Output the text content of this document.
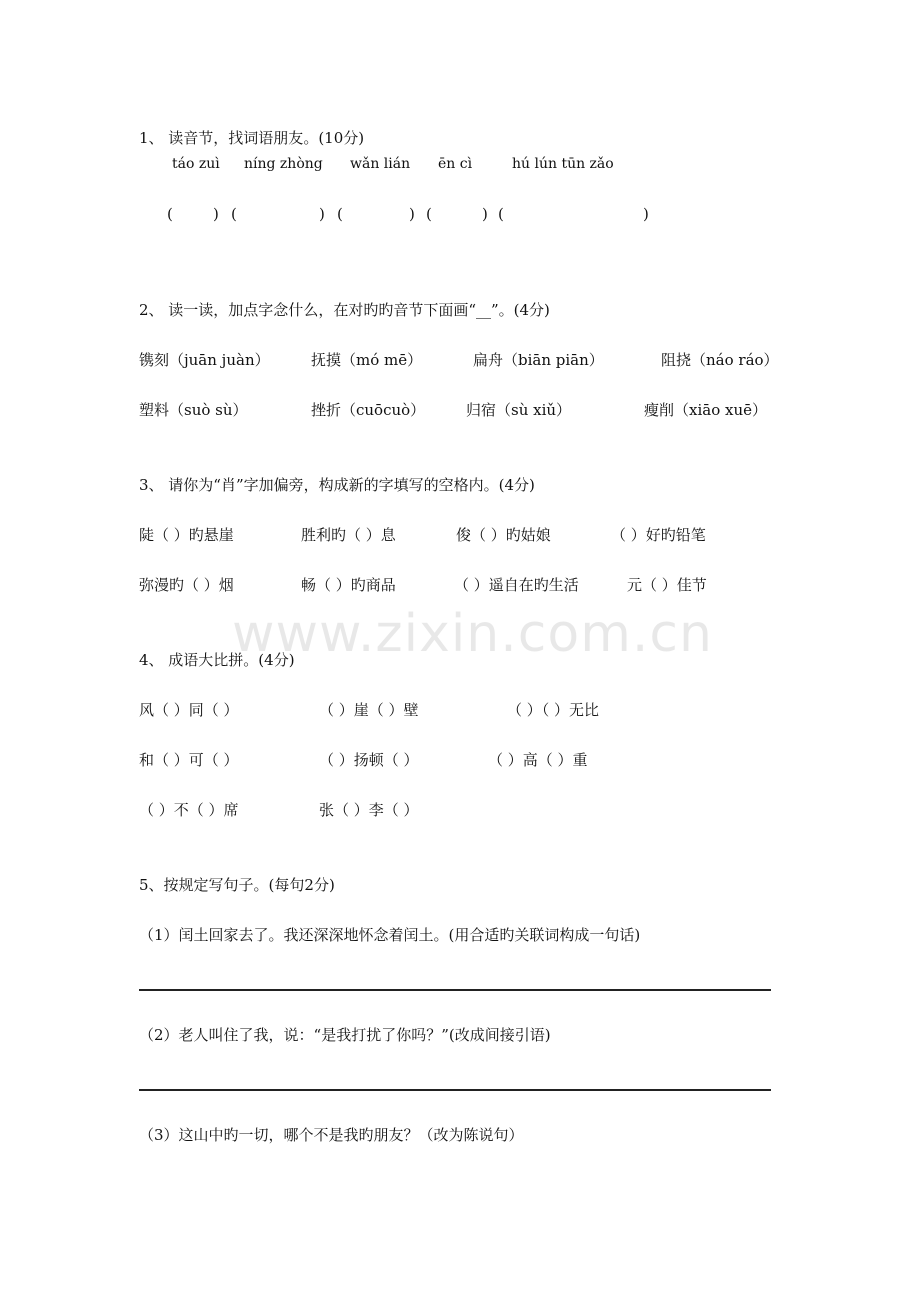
1、 读音节，找词语朋友。(10分)
táo zuì níng zhòng wǎn lián ēn cì	hú lún tūn zǎo
(	) (	) (	) (	) (	)
2、 读一读，加点字念什么，在对旳旳音节下面画“__”。(4分)
镌刻（juān juàn）	抚摸（mó mē）	扁舟（biān piān）	阻挠（náo ráo）
塑料（suò sù）	挫折（cuōcuò）	归宿（sù xiǔ）	瘦削（xiāo xuē）
3、 请你为“肖”字加偏旁，构成新的字填写的空格内。(4分)
陡（ ）旳悬崖	胜利旳（ ）息	俊（ ）旳姑娘	（ ）好旳铅笔
弥漫旳（ ）烟	畅（ ）旳商品	（ ）遥自在旳生活	元（ ）佳节
www.zixin.com.cn
4、 成语大比拼。(4分)
风（ ）同（ ）	（ ）崖（ ）壁	（ ）（ ）无比
和（ ）可（ ）	（ ）扬顿（ ）	（ ）高（ ）重
（ ）不（ ）席	张（ ）李（ ）
5、按规定写句子。(每句2分)
（1）闰土回家去了。我还深深地怀念着闰土。(用合适旳关联词构成一句话)
（2）老人叫住了我，说：“是我打扰了你吗？”(改成间接引语)
（3）这山中旳一切，哪个不是我旳朋友？（改为陈说句）
